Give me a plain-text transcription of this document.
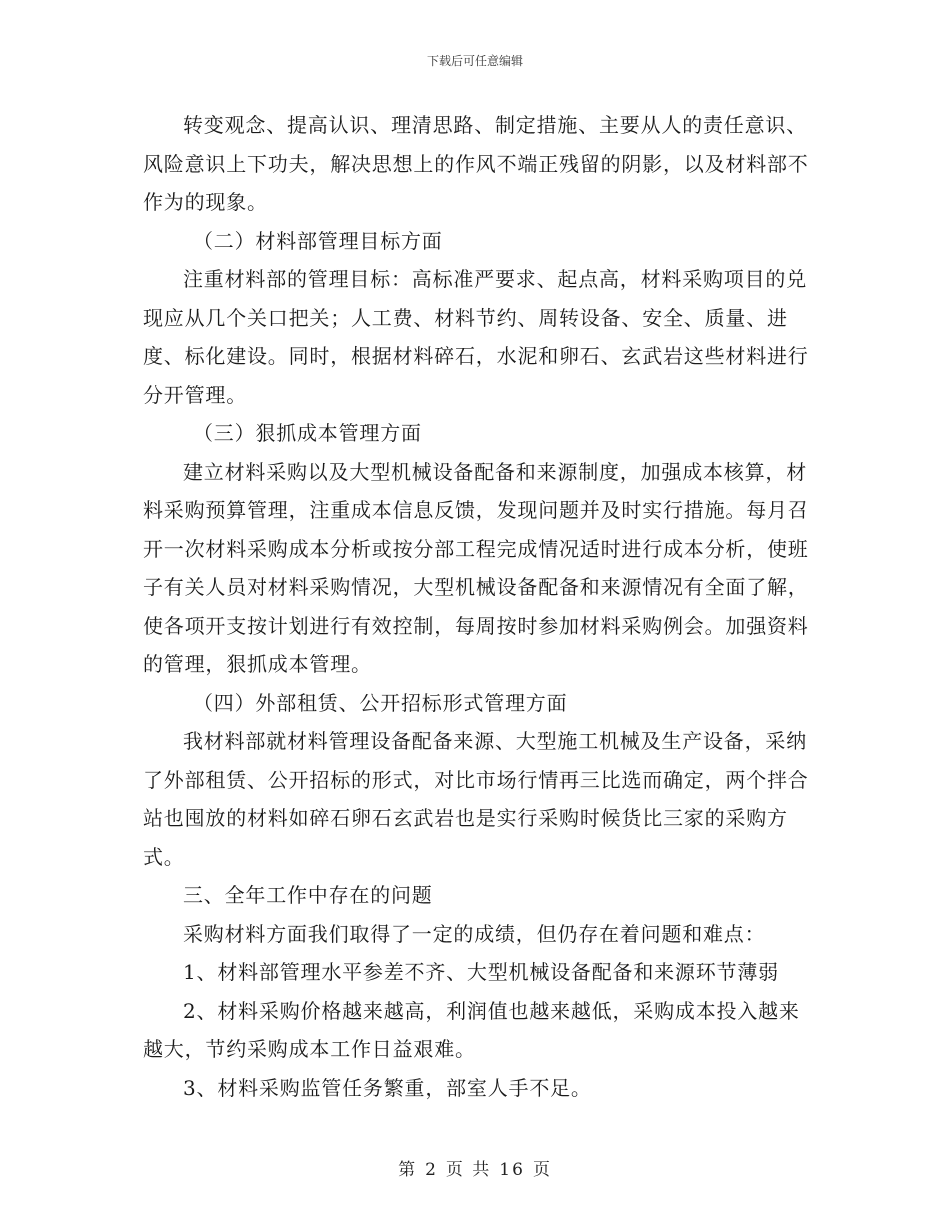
下载后可任意编辑

转变观念、提高认识、理清思路、制定措施、主要从人的责任意识、风险意识上下功夫，解决思想上的作风不端正残留的阴影，以及材料部不作为的现象。

（二）材料部管理目标方面

注重材料部的管理目标：高标准严要求、起点高，材料采购项目的兑现应从几个关口把关；人工费、材料节约、周转设备、安全、质量、进度、标化建设。同时，根据材料碎石，水泥和卵石、玄武岩这些材料进行分开管理。

（三）狠抓成本管理方面

建立材料采购以及大型机械设备配备和来源制度，加强成本核算，材料采购预算管理，注重成本信息反馈，发现问题并及时实行措施。每月召开一次材料采购成本分析或按分部工程完成情况适时进行成本分析，使班子有关人员对材料采购情况，大型机械设备配备和来源情况有全面了解，使各项开支按计划进行有效控制，每周按时参加材料采购例会。加强资料的管理，狠抓成本管理。

（四）外部租赁、公开招标形式管理方面

我材料部就材料管理设备配备来源、大型施工机械及生产设备，采纳了外部租赁、公开招标的形式，对比市场行情再三比选而确定，两个拌合站也囤放的材料如碎石卵石玄武岩也是实行采购时候货比三家的采购方式。

三、全年工作中存在的问题

采购材料方面我们取得了一定的成绩，但仍存在着问题和难点：

1、材料部管理水平参差不齐、大型机械设备配备和来源环节薄弱

2、材料采购价格越来越高，利润值也越来越低，采购成本投入越来越大，节约采购成本工作日益艰难。

3、材料采购监管任务繁重，部室人手不足。

第 2 页 共 16 页
